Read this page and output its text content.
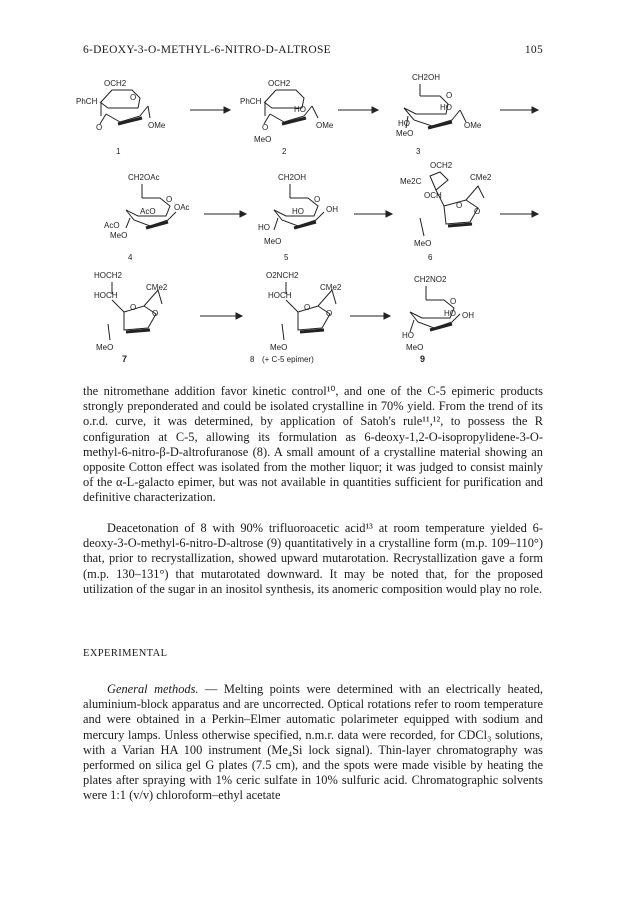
6-DEOXY-3-O-METHYL-6-NITRO-D-ALTROSE	105
OCH2
PhCH	O
O	OMe
1
OCH2
PhCH
HO
O
MeO
OMe
2
CH2OH
O
HO
HO
MeO
OMe
3
CH2OAc
O
AcO OAc
AcO
MeO
4
CH2OH
O
HO	OH
HO
MeO
5
OCH2
Me2C
OCH
CMe2
O
O
MeO
6
HOCH2
HOCH
CMe2
O
O
MeO
7
O2NCH2
HOCH
CMe2
O
O
MeO
8 (+ C-5 epimer)
CH2NO2
O
HO OH
HO
MeO
9

the nitromethane addition favor kinetic control¹⁰, and one of the C-5 epimeric products strongly preponderated and could be isolated crystalline in 70% yield. From the trend of its o.r.d. curve, it was determined, by application of Satoh's rule¹¹,¹², to possess the R configuration at C-5, allowing its formulation as 6-deoxy-1,2-O-isopropylidene-3-O-methyl-6-nitro-β-D-altrofuranose (8). A small amount of a crystalline material showing an opposite Cotton effect was isolated from the mother liquor; it was judged to consist mainly of the α-L-galacto epimer, but was not available in quantities sufficient for purification and definitive characterization.

Deacetonation of 8 with 90% trifluoroacetic acid¹³ at room temperature yielded 6-deoxy-3-O-methyl-6-nitro-D-altrose (9) quantitatively in a crystalline form (m.p. 109–110°) that, prior to recrystallization, showed upward mutarotation. Recrystallization gave a form (m.p. 130–131°) that mutarotated downward. It may be noted that, for the proposed utilization of the sugar in an inositol synthesis, its anomeric composition would play no role.

EXPERIMENTAL

General methods. — Melting points were determined with an electrically heated, aluminium-block apparatus and are uncorrected. Optical rotations refer to room temperature and were obtained in a Perkin–Elmer automatic polarimeter equipped with sodium and mercury lamps. Unless otherwise specified, n.m.r. data were recorded, for CDCl₃ solutions, with a Varian HA 100 instrument (Me₄Si lock signal). Thin-layer chromatography was performed on silica gel G plates (7.5 cm), and the spots were made visible by heating the plates after spraying with 1% ceric sulfate in 10% sulfuric acid. Chromatographic solvents were 1:1 (v/v) chloroform–ethyl acetate
